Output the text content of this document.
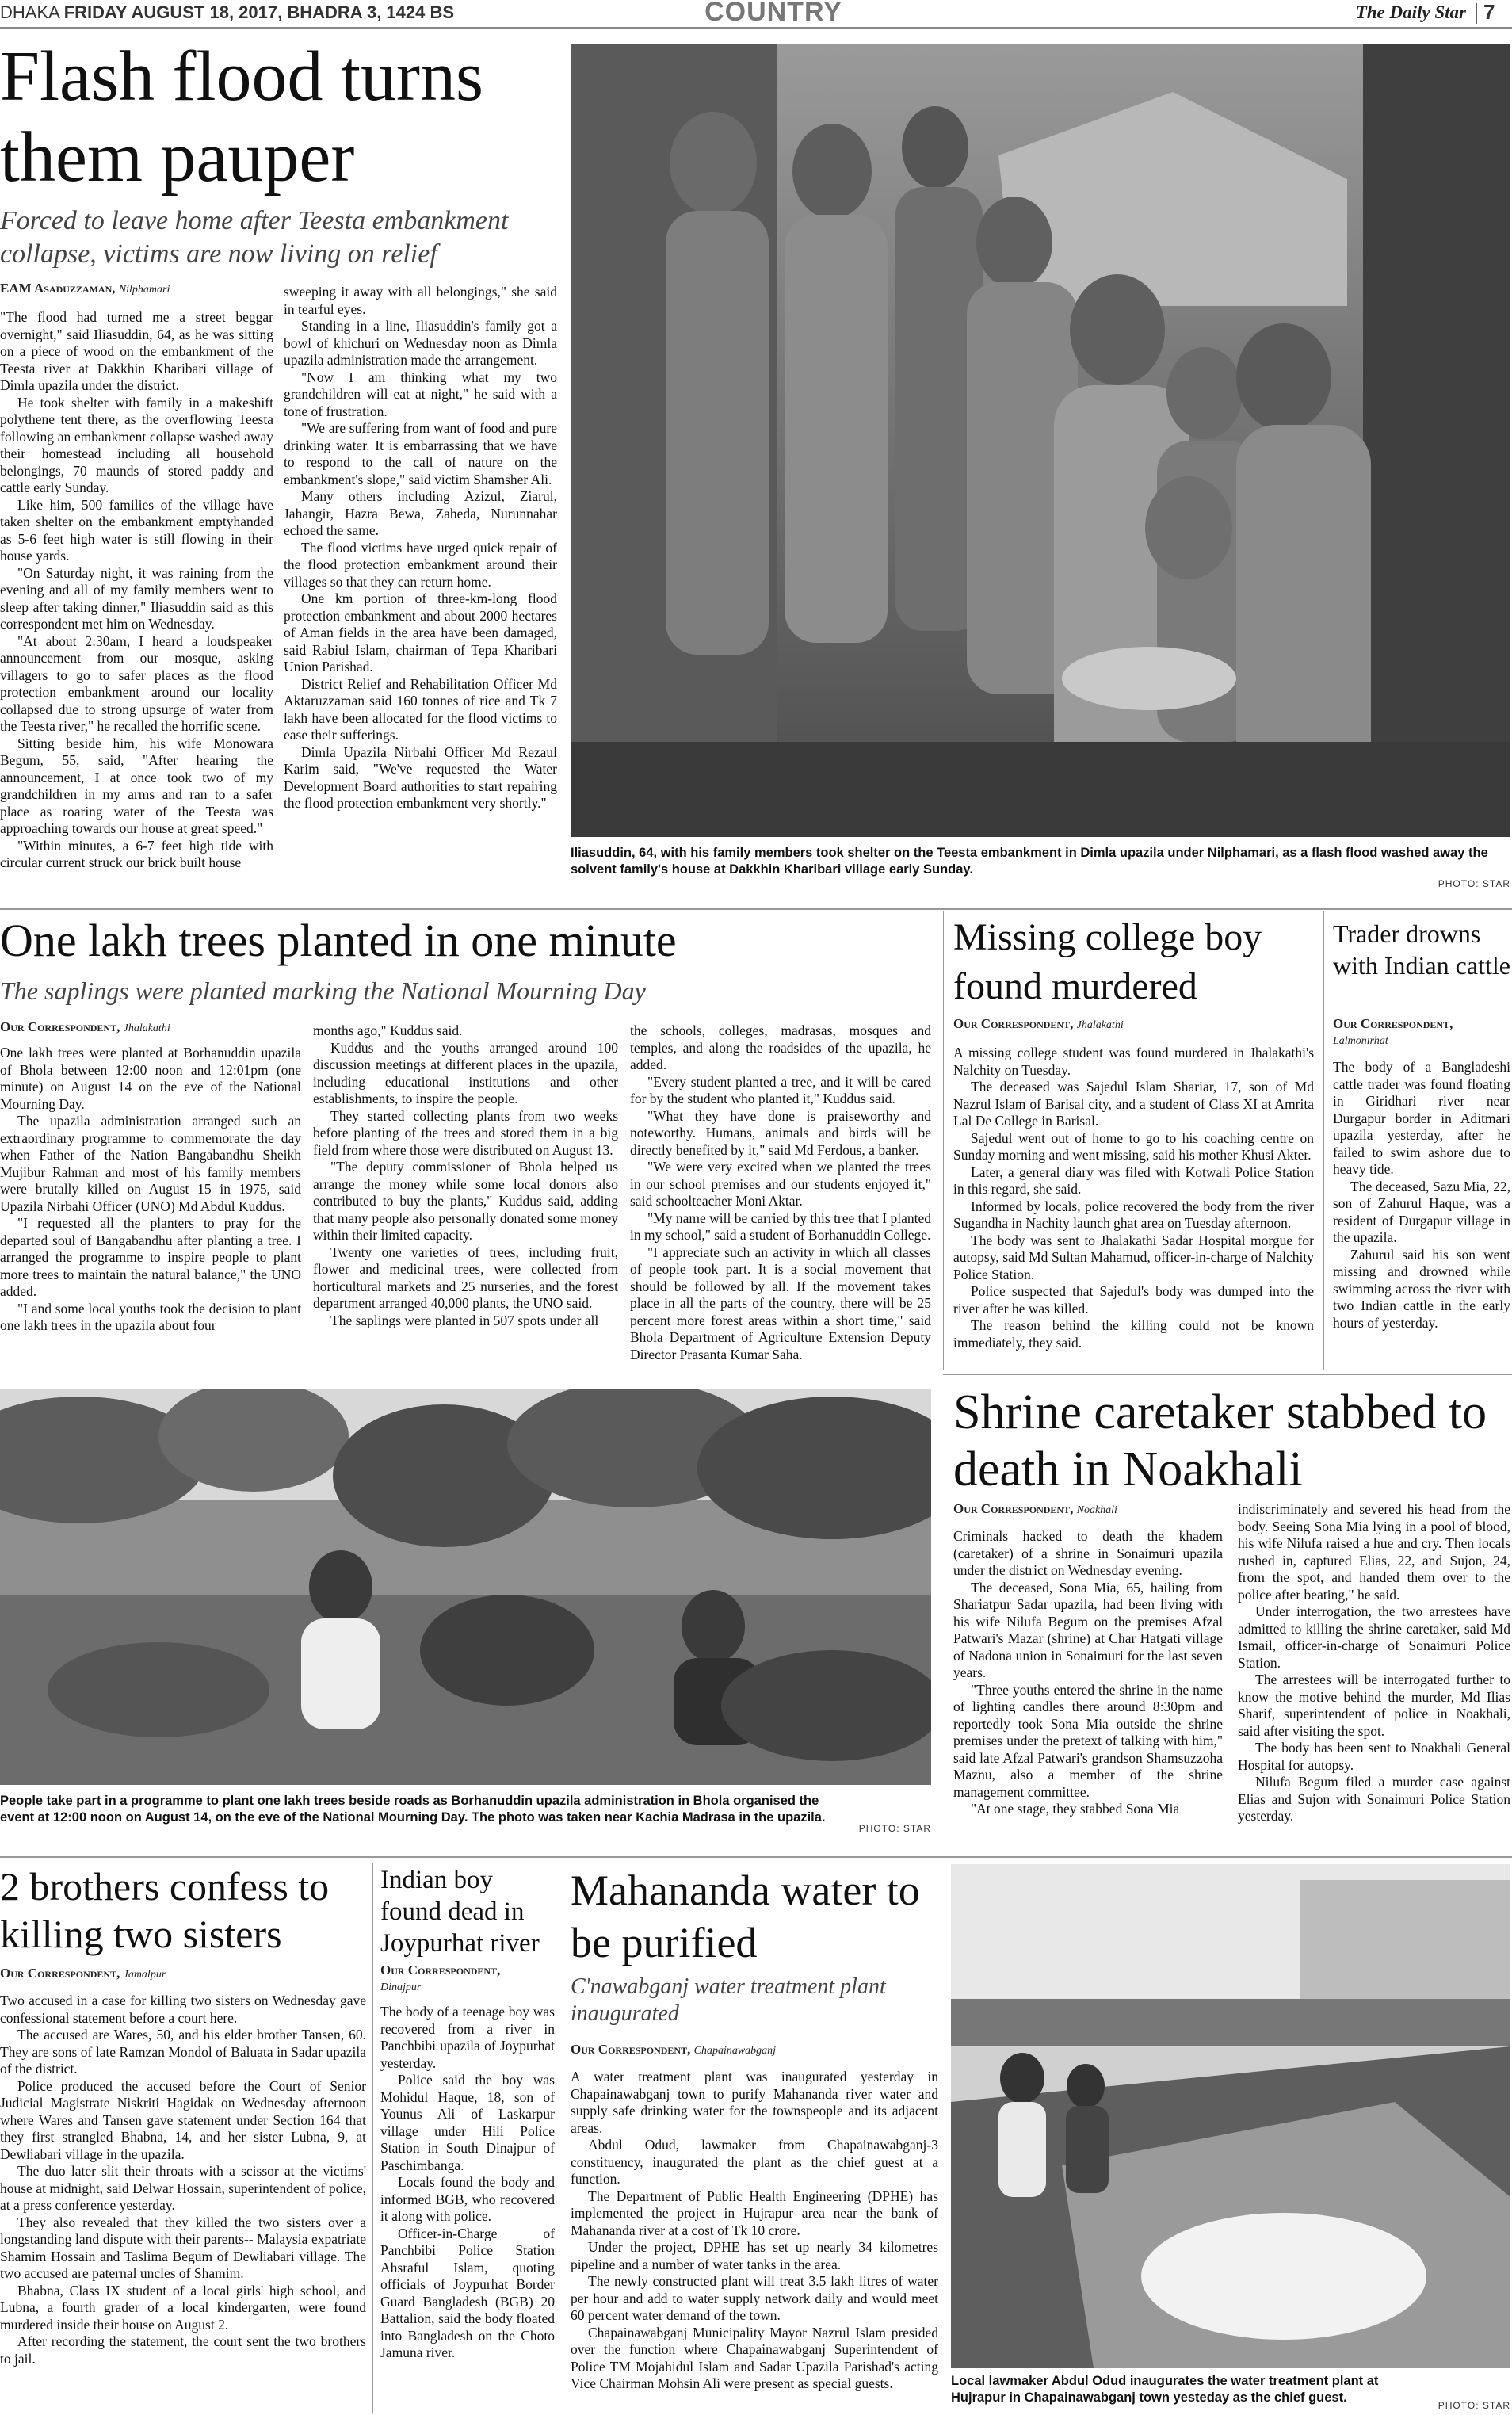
DHAKA FRIDAY AUGUST 18, 2017, BHADRA 3, 1424 BS	COUNTRY	The Daily Star 7
Flash flood turns them pauper
Forced to leave home after Teesta embankment collapse, victims are now living on relief
EAM Asaduzzaman, Nilphamari

"The flood had turned me a street beggar overnight," said Iliasuddin, 64, as he was sitting on a piece of wood on the embankment of the Teesta river at Dakkhin Kharibari village of Dimla upazila under the district.

He took shelter with family in a makeshift polythene tent there, as the overflowing Teesta following an embankment collapse washed away their homestead including all household belongings, 70 maunds of stored paddy and cattle early Sunday.

Like him, 500 families of the village have taken shelter on the embankment emptyhanded as 5-6 feet high water is still flowing in their house yards.

"On Saturday night, it was raining from the evening and all of my family members went to sleep after taking dinner," Iliasuddin said as this correspondent met him on Wednesday.

"At about 2:30am, I heard a loudspeaker announcement from our mosque, asking villagers to go to safer places as the flood protection embankment around our locality collapsed due to strong upsurge of water from the Teesta river," he recalled the horrific scene.

Sitting beside him, his wife Monowara Begum, 55, said, "After hearing the announcement, I at once took two of my grandchildren in my arms and ran to a safer place as roaring water of the Teesta was approaching towards our house at great speed."

"Within minutes, a 6-7 feet high tide with circular current struck our brick built house

sweeping it away with all belongings," she said in tearful eyes.

Standing in a line, Iliasuddin's family got a bowl of khichuri on Wednesday noon as Dimla upazila administration made the arrangement.

"Now I am thinking what my two grandchildren will eat at night," he said with a tone of frustration.

"We are suffering from want of food and pure drinking water. It is embarrassing that we have to respond to the call of nature on the embankment's slope," said victim Shamsher Ali.

Many others including Azizul, Ziarul, Jahangir, Hazra Bewa, Zaheda, Nurunnahar echoed the same.

The flood victims have urged quick repair of the flood protection embankment around their villages so that they can return home.

One km portion of three-km-long flood protection embankment and about 2000 hectares of Aman fields in the area have been damaged, said Rabiul Islam, chairman of Tepa Kharibari Union Parishad.

District Relief and Rehabilitation Officer Md Aktaruzzaman said 160 tonnes of rice and Tk 7 lakh have been allocated for the flood victims to ease their sufferings.

Dimla Upazila Nirbahi Officer Md Rezaul Karim said, "We've requested the Water Development Board authorities to start repairing the flood protection embankment very shortly."

Iliasuddin, 64, with his family members took shelter on the Teesta embankment in Dimla upazila under Nilphamari, as a flash flood washed away the solvent family's house at Dakkhin Kharibari village early Sunday.
PHOTO: STAR
One lakh trees planted in one minute
The saplings were planted marking the National Mourning Day
Our Correspondent, Jhalakathi

One lakh trees were planted at Borhanuddin upazila of Bhola between 12:00 noon and 12:01pm (one minute) on August 14 on the eve of the National Mourning Day.

The upazila administration arranged such an extraordinary programme to commemorate the day when Father of the Nation Bangabandhu Sheikh Mujibur Rahman and most of his family members were brutally killed on August 15 in 1975, said Upazila Nirbahi Officer (UNO) Md Abdul Kuddus.

"I requested all the planters to pray for the departed soul of Bangabandhu after planting a tree. I arranged the programme to inspire people to plant more trees to maintain the natural balance," the UNO added.

"I and some local youths took the decision to plant one lakh trees in the upazila about four

months ago," Kuddus said.

Kuddus and the youths arranged around 100 discussion meetings at different places in the upazila, including educational institutions and other establishments, to inspire the people.

They started collecting plants from two weeks before planting of the trees and stored them in a big field from where those were distributed on August 13.

"The deputy commissioner of Bhola helped us arrange the money while some local donors also contributed to buy the plants," Kuddus said, adding that many people also personally donated some money within their limited capacity.

Twenty one varieties of trees, including fruit, flower and medicinal trees, were collected from horticultural markets and 25 nurseries, and the forest department arranged 40,000 plants, the UNO said.

The saplings were planted in 507 spots under all

the schools, colleges, madrasas, mosques and temples, and along the roadsides of the upazila, he added.

"Every student planted a tree, and it will be cared for by the student who planted it," Kuddus said.

"What they have done is praiseworthy and noteworthy. Humans, animals and birds will be directly benefited by it," said Md Ferdous, a banker.

"We were very excited when we planted the trees in our school premises and our students enjoyed it," said schoolteacher Moni Aktar.

"My name will be carried by this tree that I planted in my school," said a student of Borhanuddin College.

"I appreciate such an activity in which all classes of people took part. It is a social movement that should be followed by all. If the movement takes place in all the parts of the country, there will be 25 percent more forest areas within a short time," said Bhola Department of Agriculture Extension Deputy Director Prasanta Kumar Saha.

People take part in a programme to plant one lakh trees beside roads as Borhanuddin upazila administration in Bhola organised the event at 12:00 noon on August 14, on the eve of the National Mourning Day. The photo was taken near Kachia Madrasa in the upazila.
PHOTO: STAR
Missing college boy found murdered
Our Correspondent, Jhalakathi

A missing college student was found murdered in Jhalakathi's Nalchity on Tuesday.

The deceased was Sajedul Islam Shariar, 17, son of Md Nazrul Islam of Barisal city, and a student of Class XI at Amrita Lal De College in Barisal.

Sajedul went out of home to go to his coaching centre on Sunday morning and went missing, said his mother Khusi Akter.

Later, a general diary was filed with Kotwali Police Station in this regard, she said.

Informed by locals, police recovered the body from the river Sugandha in Nachity launch ghat area on Tuesday afternoon.

The body was sent to Jhalakathi Sadar Hospital morgue for autopsy, said Md Sultan Mahamud, officer-in-charge of Nalchity Police Station.

Police suspected that Sajedul's body was dumped into the river after he was killed.

The reason behind the killing could not be known immediately, they said.

Trader drowns with Indian cattle
Our Correspondent,
Lalmonirhat

The body of a Bangladeshi cattle trader was found floating in Giridhari river near Durgapur border in Aditmari upazila yesterday, after he failed to swim ashore due to heavy tide.

The deceased, Sazu Mia, 22, son of Zahurul Haque, was a resident of Durgapur village in the upazila.

Zahurul said his son went missing and drowned while swimming across the river with two Indian cattle in the early hours of yesterday.

Shrine caretaker stabbed to death in Noakhali
Our Correspondent, Noakhali

Criminals hacked to death the khadem (caretaker) of a shrine in Sonaimuri upazila under the district on Wednesday evening.

The deceased, Sona Mia, 65, hailing from Shariatpur Sadar upazila, had been living with his wife Nilufa Begum on the premises Afzal Patwari's Mazar (shrine) at Char Hatgati village of Nadona union in Sonaimuri for the last seven years.

"Three youths entered the shrine in the name of lighting candles there around 8:30pm and reportedly took Sona Mia outside the shrine premises under the pretext of talking with him," said late Afzal Patwari's grandson Shamsuzzoha Maznu, also a member of the shrine management committee.

"At one stage, they stabbed Sona Mia

indiscriminately and severed his head from the body. Seeing Sona Mia lying in a pool of blood, his wife Nilufa raised a hue and cry. Then locals rushed in, captured Elias, 22, and Sujon, 24, from the spot, and handed them over to the police after beating," he said.

Under interrogation, the two arrestees have admitted to killing the shrine caretaker, said Md Ismail, officer-in-charge of Sonaimuri Police Station.

The arrestees will be interrogated further to know the motive behind the murder, Md Ilias Sharif, superintendent of police in Noakhali, said after visiting the spot.

The body has been sent to Noakhali General Hospital for autopsy.

Nilufa Begum filed a murder case against Elias and Sujon with Sonaimuri Police Station yesterday.

2 brothers confess to killing two sisters
Our Correspondent, Jamalpur

Two accused in a case for killing two sisters on Wednesday gave confessional statement before a court here.

The accused are Wares, 50, and his elder brother Tansen, 60. They are sons of late Ramzan Mondol of Baluata in Sadar upazila of the district.

Police produced the accused before the Court of Senior Judicial Magistrate Niskriti Hagidak on Wednesday afternoon where Wares and Tansen gave statement under Section 164 that they first strangled Bhabna, 14, and her sister Lubna, 9, at Dewliabari village in the upazila.

The duo later slit their throats with a scissor at the victims' house at midnight, said Delwar Hossain, superintendent of police, at a press conference yesterday.

They also revealed that they killed the two sisters over a longstanding land dispute with their parents-- Malaysia expatriate Shamim Hossain and Taslima Begum of Dewliabari village. The two accused are paternal uncles of Shamim.

Bhabna, Class IX student of a local girls' high school, and Lubna, a fourth grader of a local kindergarten, were found murdered inside their house on August 2.

After recording the statement, the court sent the two brothers to jail.

Indian boy found dead in Joypurhat river
Our Correspondent,
Dinajpur

The body of a teenage boy was recovered from a river in Panchbibi upazila of Joypurhat yesterday.

Police said the boy was Mohidul Haque, 18, son of Younus Ali of Laskarpur village under Hili Police Station in South Dinajpur of Paschimbanga.

Locals found the body and informed BGB, who recovered it along with police.

Officer-in-Charge of Panchbibi Police Station Ahsraful Islam, quoting officials of Joypurhat Border Guard Bangladesh (BGB) 20 Battalion, said the body floated into Bangladesh on the Choto Jamuna river.

Mahananda water to be purified
C'nawabganj water treatment plant inaugurated
Our Correspondent, Chapainawabganj

A water treatment plant was inaugurated yesterday in Chapainawabganj town to purify Mahananda river water and supply safe drinking water for the townspeople and its adjacent areas.

Abdul Odud, lawmaker from Chapainawabganj-3 constituency, inaugurated the plant as the chief guest at a function.

The Department of Public Health Engineering (DPHE) has implemented the project in Hujrapur area near the bank of Mahananda river at a cost of Tk 10 crore.

Under the project, DPHE has set up nearly 34 kilometres pipeline and a number of water tanks in the area.

The newly constructed plant will treat 3.5 lakh litres of water per hour and add to water supply network daily and would meet 60 percent water demand of the town.

Chapainawabganj Municipality Mayor Nazrul Islam presided over the function where Chapainawabganj Superintendent of Police TM Mojahidul Islam and Sadar Upazila Parishad's acting Vice Chairman Mohsin Ali were present as special guests.	Local lawmaker Abdul Odud inaugurates the water treatment plant at Hujrapur in Chapainawabganj town yesteday as the chief guest.
PHOTO: STAR
